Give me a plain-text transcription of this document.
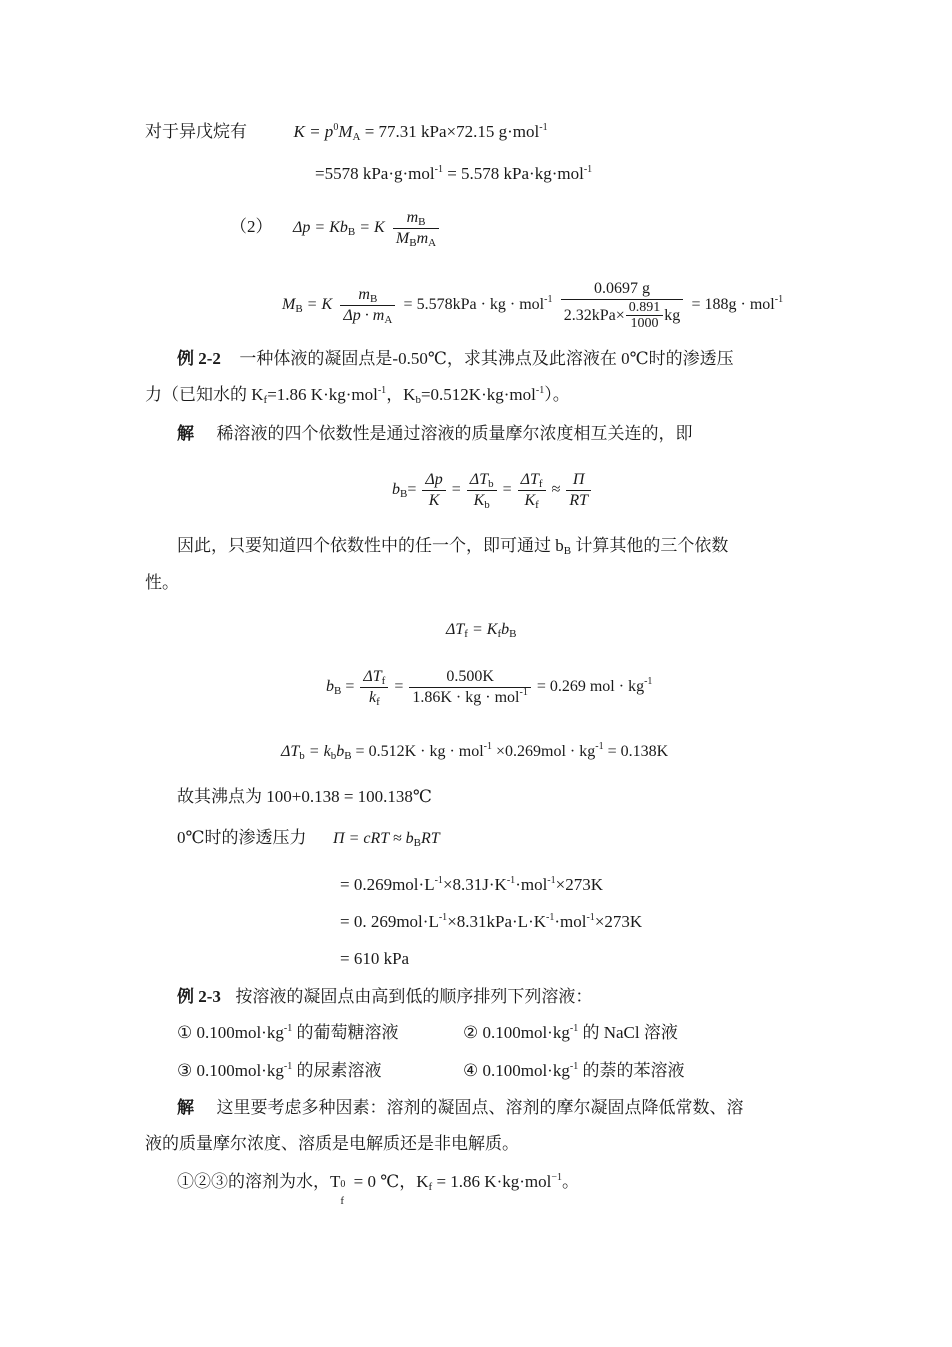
对于异戊烷有	$K = p^0M_A = 77.31$ kPa×72.15 g·mol$^{-1}$
=5578 kPa·g·mol$^{-1}$ = 5.578 kPa·kg·mol$^{-1}$
（2） $\Delta p = Kb_B = K \frac{m_B}{M_Bm_A}$
$M_B = K \frac{m_B}{\Delta p \cdot m_A} = 5.578kPa$ · kg · $mol^{-1} \frac{0.0697 g}{2.32kPa\times \frac{0.891}{1000} kg} = 188g \cdot mol^{-1}$
例 2-2 一种体液的凝固点是-0.50℃，求其沸点及此溶液在 0℃时的渗透压
力（已知水的 $K_f=1.86$ K·kg·mol$^{-1}$，$K_b=0.512K\cdot kg\cdot mol^{-1}$）。
解 稀溶液的四个依数性是通过溶液的质量摩尔浓度相互关连的，即
$b_B= \frac{\Delta p}{K} = \frac{\Delta T_b}{K_b} = \frac{\Delta T_f}{K_f} \approx \frac{\Pi}{RT}$
因此，只要知道四个依数性中的任一个，即可通过 $b_B$ 计算其他的三个依数
性。
$\Delta T_f = K_fb_B$
$b_B = \frac{\Delta T_f}{k_f} = \frac{0.500K}{1.86K \cdot kg \cdot mol^{-1}} = 0.269$ mol · $kg^{-1}$
$\Delta T_b = k_bb_B = 0.512K$ · kg · $mol^{-1} \times 0.269mol \cdot kg^{-1} = 0.138K$
故其沸点为 100+0.138 = 100.138℃
0℃时的渗透压力 Π = cRT ≈ $b_BRT$
= $0.269mol\cdot L^{-1}\times 8.31J\cdot K^{-1}\cdot mol^{-1}\times 273K$
= 0. $269mol\cdot L^{-1}\times 8.31kPa\cdot L\cdot K^{-1}\cdot mol^{-1}\times 273K$
= 610 kPa
例 2-3 按溶液的凝固点由高到低的顺序排列下列溶液：
① $0.100mol\cdot kg^{-1}$ 的葡萄糖溶液	② $0.100mol\cdot kg^{-1}$ 的 NaCl 溶液
③ $0.100mol\cdot kg^{-1}$ 的尿素溶液	④ $0.100mol\cdot kg^{-1}$ 的萘的苯溶液
解 这里要考虑多种因素：溶剂的凝固点、溶剂的摩尔凝固点降低常数、溶
液的质量摩尔浓度、溶质是电解质还是非电解质。
①②③的溶剂为水，T 0
f
= 0 ℃，$K_f = 1.86$ K·kg·mol$^{-1}$。
